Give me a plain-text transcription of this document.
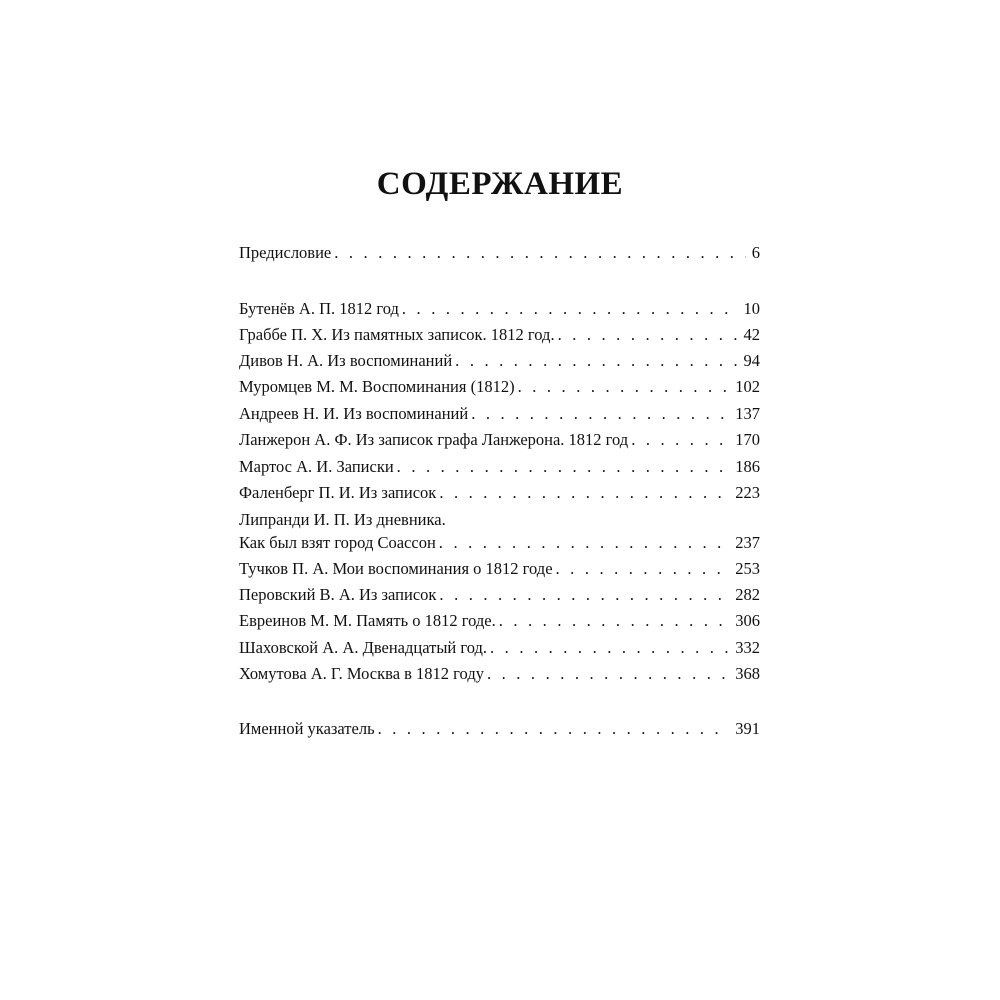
СОДЕРЖАНИЕ
Предисловие . . .	6
Бутенёв А. П. 1812 год . . .	10
Граббе П. Х. Из памятных записок. 1812 год. . . .	42
Дивов Н. А. Из воспоминаний . . .	94
Муромцев М. М. Воспоминания (1812) . . .	102
Андреев Н. И. Из воспоминаний . . .	137
Ланжерон А. Ф. Из записок графа Ланжерона. 1812 год . . .	170
Мартос А. И. Записки . . .	186
Фаленберг П. И. Из записок . . .	223
Липранди И. П. Из дневника.
Как был взят город Соассон . . .	237
Тучков П. А. Мои воспоминания о 1812 годе . . .	253
Перовский В. А. Из записок . . .	282
Евреинов М. М. Память о 1812 годе. . . .	306
Шаховской А. А. Двенадцатый год. . . .	332
Хомутова А. Г. Москва в 1812 году . . .	368
Именной указатель . . .	391
